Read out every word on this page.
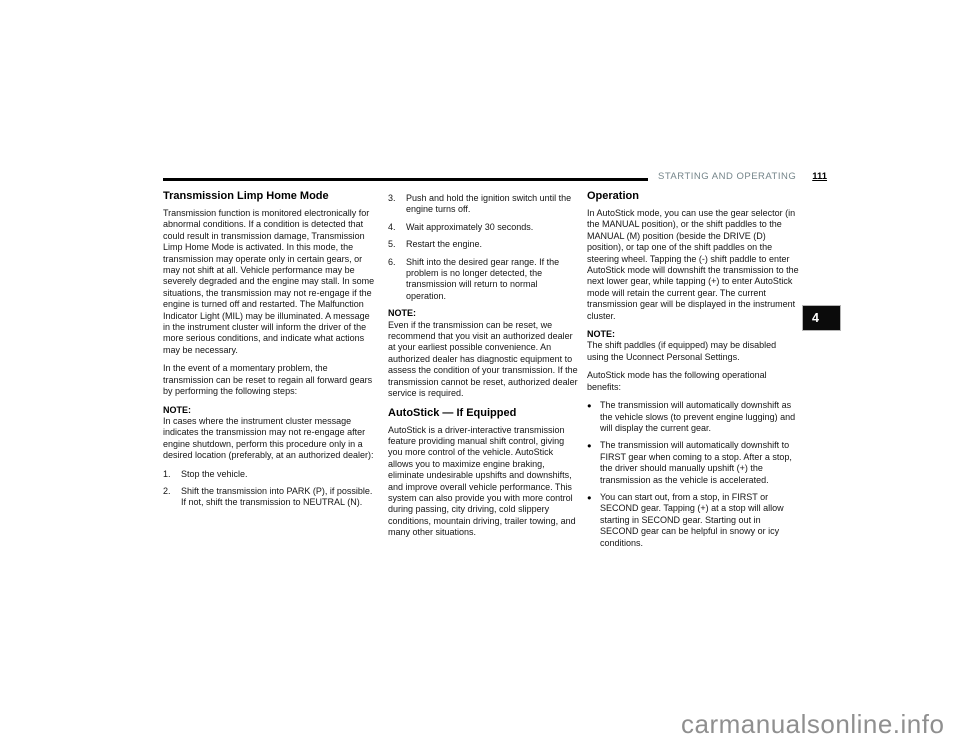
STARTING AND OPERATING 111
Transmission Limp Home Mode

Transmission function is monitored electronically for abnormal conditions. If a condition is detected that could result in transmission damage, Transmission Limp Home Mode is activated. In this mode, the transmission may operate only in certain gears, or may not shift at all. Vehicle performance may be severely degraded and the engine may stall. In some situations, the transmission may not re-engage if the engine is turned off and restarted. The Malfunction Indicator Light (MIL) may be illuminated. A message in the instrument cluster will inform the driver of the more serious conditions, and indicate what actions may be necessary.

In the event of a momentary problem, the transmission can be reset to regain all forward gears by performing the following steps:

NOTE:
In cases where the instrument cluster message indicates the transmission may not re-engage after engine shutdown, perform this procedure only in a desired location (preferably, at an authorized dealer):
1.	Stop the vehicle.
2.	Shift the transmission into PARK (P), if possible. If not, shift the transmission to NEUTRAL (N).
3.	Push and hold the ignition switch until the engine turns off.
4.	Wait approximately 30 seconds.
5.	Restart the engine.
6.	Shift into the desired gear range. If the problem is no longer detected, the transmission will return to normal operation.
NOTE:
Even if the transmission can be reset, we recommend that you visit an authorized dealer at your earliest possible convenience. An authorized dealer has diagnostic equipment to assess the condition of your transmission. If the transmission cannot be reset, authorized dealer service is required.
AutoStick — If Equipped

AutoStick is a driver-interactive transmission feature providing manual shift control, giving you more control of the vehicle. AutoStick allows you to maximize engine braking, eliminate undesirable upshifts and downshifts, and improve overall vehicle performance. This system can also provide you with more control during passing, city driving, cold slippery conditions, mountain driving, trailer towing, and many other situations.

Operation

In AutoStick mode, you can use the gear selector (in the MANUAL position), or the shift paddles to the MANUAL (M) position (beside the DRIVE (D) position), or tap one of the shift paddles on the steering wheel. Tapping the (-) shift paddle to enter AutoStick mode will downshift the transmission to the next lower gear, while tapping (+) to enter AutoStick mode will retain the current gear. The current transmission gear will be displayed in the instrument cluster.

NOTE:
The shift paddles (if equipped) may be disabled using the Uconnect Personal Settings.

AutoStick mode has the following operational benefits:

● The transmission will automatically downshift as the vehicle slows (to prevent engine lugging) and will display the current gear.
● The transmission will automatically downshift to FIRST gear when coming to a stop. After a stop, the driver should manually upshift (+) the transmission as the vehicle is accelerated.
● You can start out, from a stop, in FIRST or SECOND gear. Tapping (+) at a stop will allow starting in SECOND gear. Starting out in SECOND gear can be helpful in snowy or icy conditions.
4
carmanualsonline.info
